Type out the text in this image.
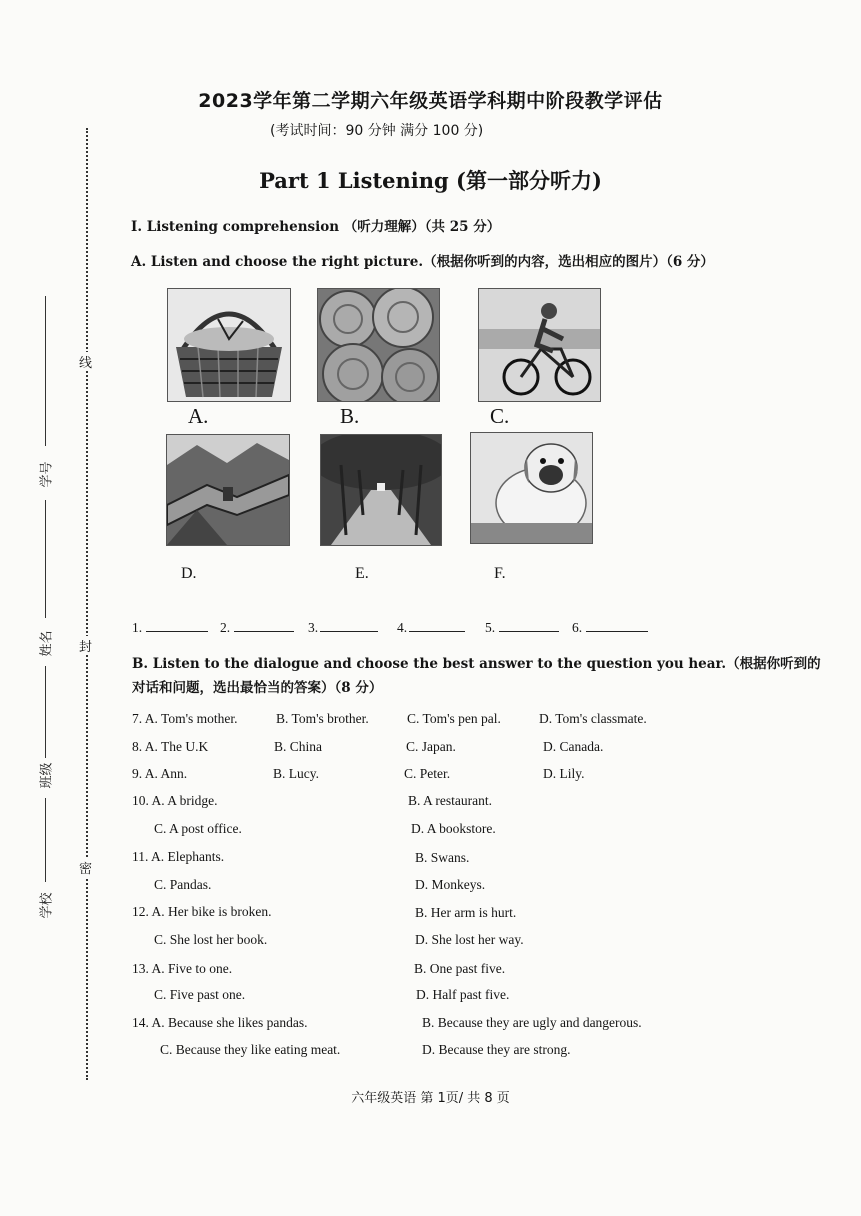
2023学年第二学期六年级英语学科期中阶段教学评估
(考试时间：90 分钟 满分 100 分)
Part 1 Listening (第一部分听力)
I. Listening comprehension （听力理解）（共 25 分）
A. Listen and choose the right picture.（根据你听到的内容，选出相应的图片）（6 分）
线
封
密
学号
姓名
班级
学校
A.	B.	C.
D.	E.	F.
1.	2.	3.	4.	5.	6.
B. Listen to the dialogue and choose the best answer to the question you hear.（根据你听到的
对话和问题，选出最恰当的答案）（8 分）
7. A. Tom's mother.	B. Tom's brother.	C. Tom's pen pal.	D. Tom's classmate.
8. A. The U.K	B. China	C. Japan.	D. Canada.
9. A. Ann.	B. Lucy.	C. Peter.	D. Lily.
10. A. A bridge.	B. A restaurant.
C. A post office.	D. A bookstore.
11. A. Elephants.	B. Swans.
C. Pandas.	D. Monkeys.
12. A. Her bike is broken.	B. Her arm is hurt.
C. She lost her book.	D. She lost her way.
13. A. Five to one.	B. One past five.
C. Five past one.	D. Half past five.
14. A. Because she likes pandas.	B. Because they are ugly and dangerous.
C. Because they like eating meat.	D. Because they are strong.
六年级英语 第 1页/ 共 8 页
